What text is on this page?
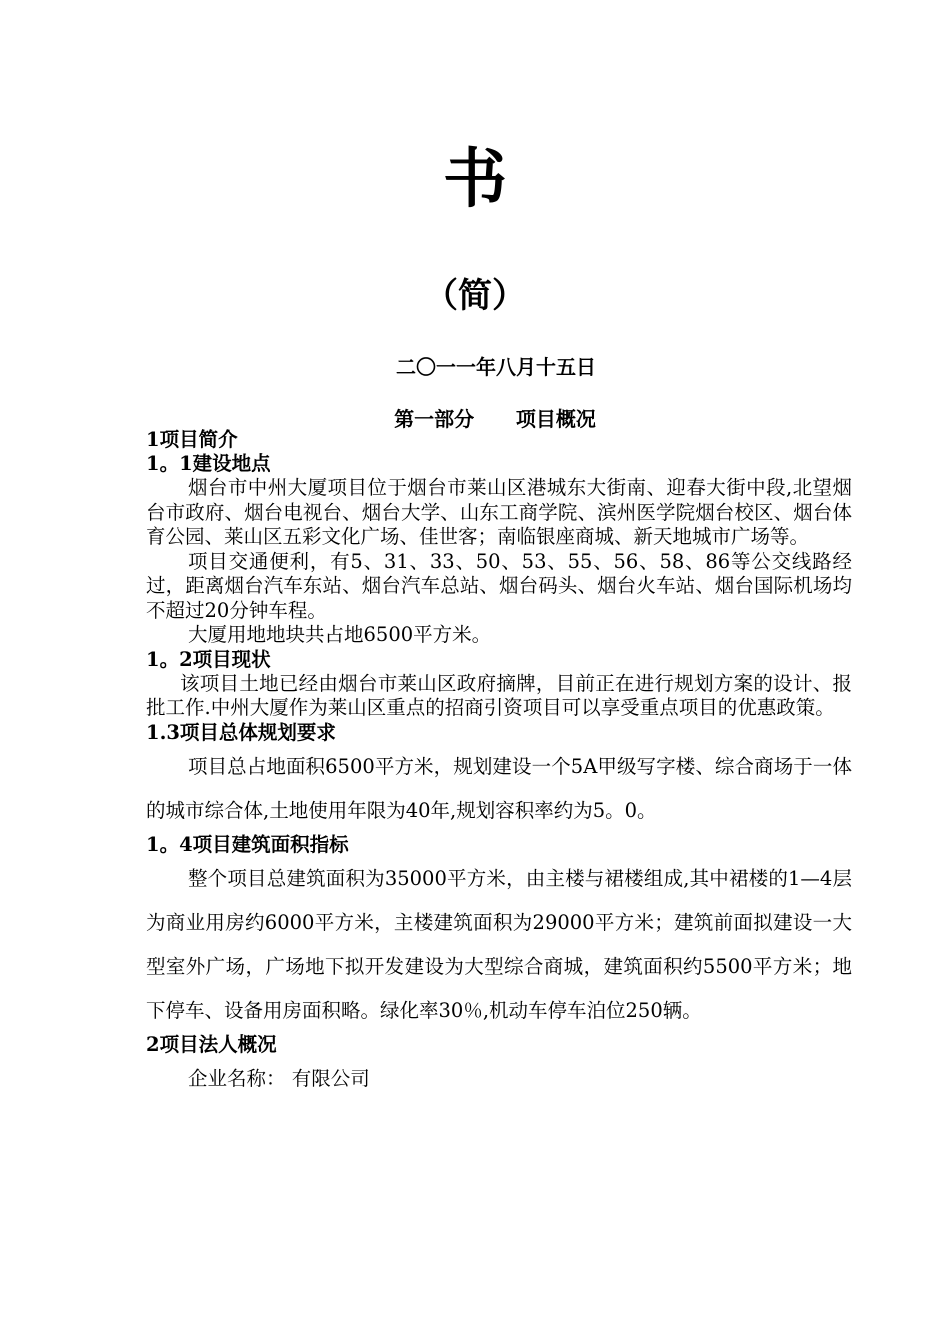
书
（简）
二〇一一年八月十五日
第一部分      项目概况

1项目简介

1。1建设地点

烟台市中州大厦项目位于烟台市莱山区港城东大街南、迎春大街中段,北望烟台市政府、烟台电视台、烟台大学、山东工商学院、滨州医学院烟台校区、烟台体育公园、莱山区五彩文化广场、佳世客；南临银座商城、新天地城市广场等。

项目交通便利，有5、31、33、50、53、55、56、58、86等公交线路经过，距离烟台汽车东站、烟台汽车总站、烟台码头、烟台火车站、烟台国际机场均不超过20分钟车程。

大厦用地地块共占地6500平方米。

1。2项目现状

该项目土地已经由烟台市莱山区政府摘牌，目前正在进行规划方案的设计、报批工作.中州大厦作为莱山区重点的招商引资项目可以享受重点项目的优惠政策。

1.3项目总体规划要求

项目总占地面积6500平方米，规划建设一个5A甲级写字楼、综合商场于一体的城市综合体,土地使用年限为40年,规划容积率约为5。0。

1。4项目建筑面积指标

整个项目总建筑面积为35000平方米，由主楼与裙楼组成,其中裙楼的1—4层为商业用房约6000平方米，主楼建筑面积为29000平方米；建筑前面拟建设一大型室外广场，广场地下拟开发建设为大型综合商城，建筑面积约5500平方米；地下停车、设备用房面积略。绿化率30％,机动车停车泊位250辆。

2项目法人概况

企业名称： 有限公司
